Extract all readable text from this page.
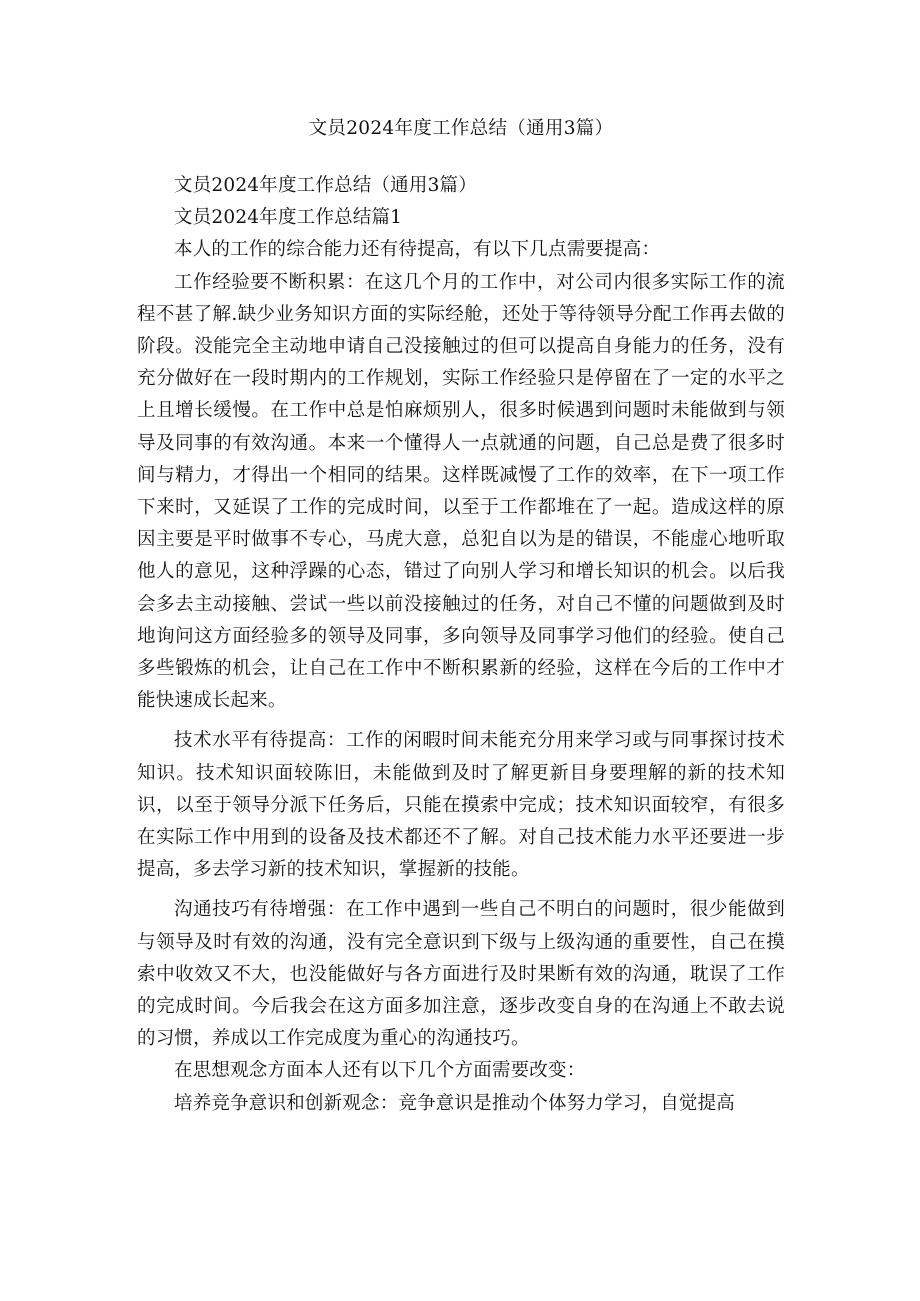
文员2024年度工作总结（通用3篇）

文员2024年度工作总结（通用3篇）

文员2024年度工作总结篇1

本人的工作的综合能力还有待提高，有以下几点需要提高：

工作经验要不断积累：在这几个月的工作中，对公司内很多实际工作的流程不甚了解.缺少业务知识方面的实际经舱，还处于等待领导分配工作再去做的阶段。没能完全主动地申请自己没接触过的但可以提高自身能力的任务，没有充分做好在一段时期内的工作规划，实际工作经验只是停留在了一定的水平之上且增长缓慢。在工作中总是怕麻烦别人，很多时候遇到问题时未能做到与领导及同事的有效沟通。本来一个懂得人一点就通的问题，自己总是费了很多时间与精力，才得出一个相同的结果。这样既减慢了工作的效率，在下一项工作下来时，又延误了工作的完成时间，以至于工作都堆在了一起。造成这样的原因主要是平时做事不专心，马虎大意，总犯自以为是的错误，不能虚心地听取他人的意见，这种浮躁的心态，错过了向别人学习和增长知识的机会。以后我会多去主动接触、尝试一些以前没接触过的任务，对自己不懂的问题做到及时地询问这方面经验多的领导及同事，多向领导及同事学习他们的经验。使自己多些锻炼的机会，让自己在工作中不断积累新的经验，这样在今后的工作中才能快速成长起来。

技术水平有待提高：工作的闲暇时间未能充分用来学习或与同事探讨技术知识。技术知识面较陈旧，未能做到及时了解更新目身要理解的新的技术知识，以至于领导分派下任务后，只能在摸索中完成；技术知识面较窄，有很多在实际工作中用到的设备及技术都还不了解。对自己技术能力水平还要进一步提高，多去学习新的技术知识，掌握新的技能。

沟通技巧有待增强：在工作中遇到一些自己不明白的问题时，很少能做到与领导及时有效的沟通，没有完全意识到下级与上级沟通的重要性，自己在摸索中收效又不大，也没能做好与各方面进行及时果断有效的沟通，耽误了工作的完成时间。今后我会在这方面多加注意，逐步改变自身的在沟通上不敢去说的习惯，养成以工作完成度为重心的沟通技巧。

在思想观念方面本人还有以下几个方面需要改变：

培养竞争意识和创新观念：竞争意识是推动个体努力学习，自觉提高
